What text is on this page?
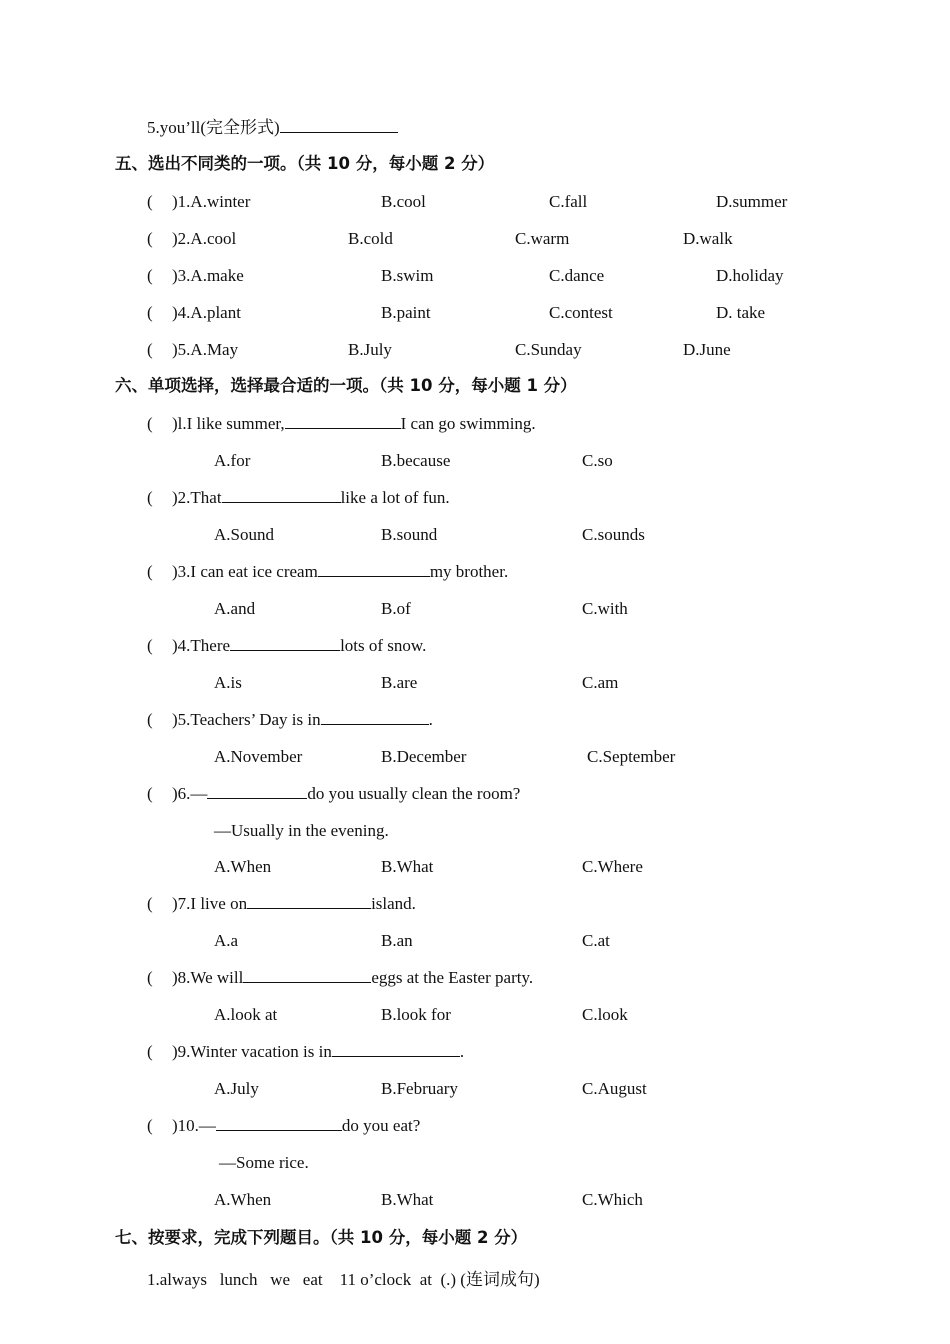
5.you’ll(完全形式)
五、选出不同类的一项。（共 10 分，每小题 2 分）
( )1.A.winter	B.cool	C.fall	D.summer
( )2.A.cool	B.cold	C.warm	D.walk
( )3.A.make	B.swim	C.dance	D.holiday
( )4.A.plant	B.paint	C.contest	D. take
( )5.A.May	B.July	C.Sunday	D.June
六、单项选择，选择最合适的一项。（共 10 分，每小题 1 分）
( )l.I like summer,	I can go swimming.
A.for	B.because	C.so
( )2.That	like a lot of fun.
A.Sound	B.sound	C.sounds
( )3.I can eat ice cream	my brother.
A.and	B.of	C.with
( )4.There	lots of snow.
A.is	B.are	C.am
( )5.Teachers’ Day is in	.
A.November	B.December	C.September
( )6.—	do you usually clean the room?
—Usually in the evening.
A.When	B.What	C.Where
( )7.I live on	island.
A.a	B.an	C.at
( )8.We will	eggs at the Easter party.
A.look at	B.look for	C.look
( )9.Winter vacation is in	.
A.July	B.February	C.August
( )10.—	do you eat?
—Some rice.
A.When	B.What	C.Which
七、按要求，完成下列题目。（共 10 分，每小题 2 分）
1.always   lunch   we   eat    11 o’clock  at  (.) (连词成句)
